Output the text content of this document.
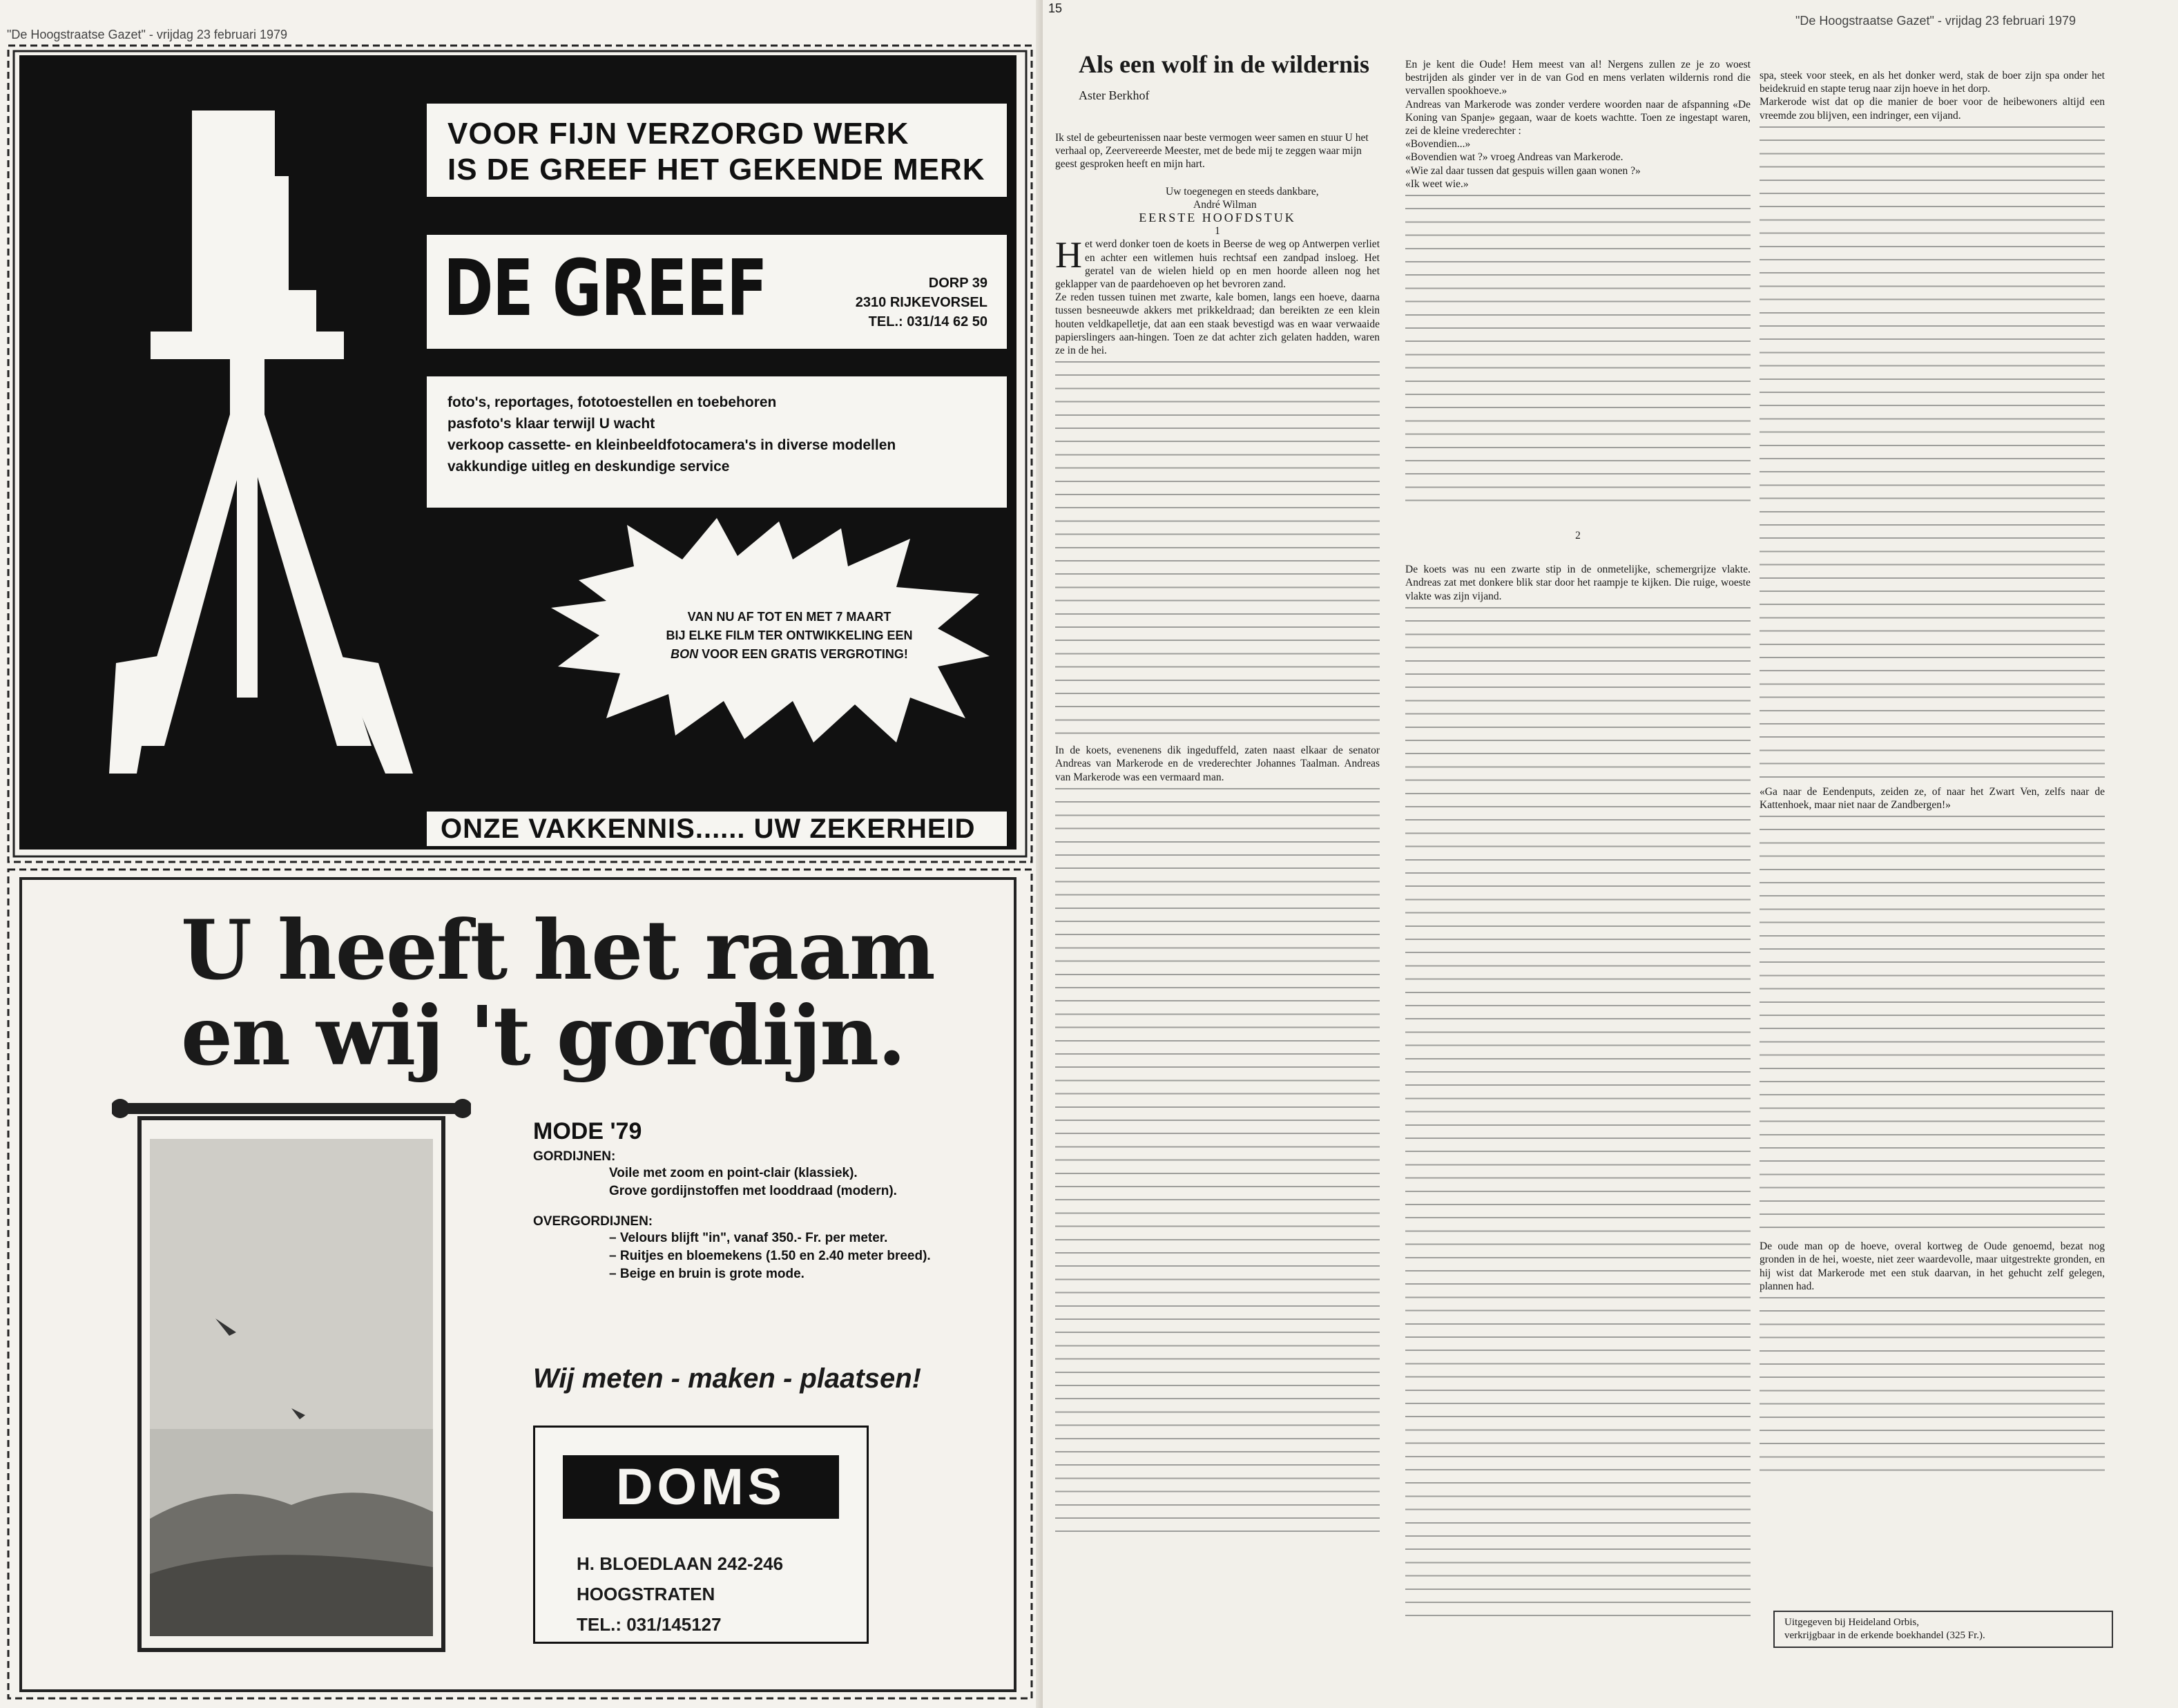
"De Hoogstraatse Gazet" - vrijdag 23 februari 1979
VOOR FIJN VERZORGD WERK
IS DE GREEF HET GEKENDE MERK
DE GREEF	DORP 39
2310 RIJKEVORSEL
TEL.: 031/14 62 50
foto's, reportages, fototoestellen en toebehoren
pasfoto's klaar terwijl U wacht
verkoop cassette- en kleinbeeldfotocamera's in diverse modellen
vakkundige uitleg en deskundige service
VAN NU AF TOT EN MET 7 MAART
BIJ ELKE FILM TER ONTWIKKELING EEN
BON VOOR EEN GRATIS VERGROTING!
ONZE VAKKENNIS...... UW ZEKERHEID
U heeft het raam
en wij 't gordijn.
MODE '79
GORDIJNEN:
Voile met zoom en point-clair (klassiek).
Grove gordijnstoffen met looddraad (modern).
OVERGORDIJNEN:
– Velours blijft "in", vanaf 350.- Fr. per meter.
– Ruitjes en bloemekens (1.50 en 2.40 meter breed).
– Beige en bruin is grote mode.
Wij meten - maken - plaatsen!
DOMS
H. BLOEDLAAN 242-246
HOOGSTRATEN
TEL.: 031/145127
15
"De Hoogstraatse Gazet" - vrijdag 23 februari 1979
Als een wolf in de wildernis
Aster Berkhof

Ik stel de gebeurtenissen naar beste vermogen weer samen en stuur U het verhaal op, Zeervereerde Meester, met de bede mij te zeggen waar mijn geest gesproken heeft en mijn hart.

Uw toegenegen en steeds dankbare,

André Wilman

EERSTE HOOFDSTUK

1

Het werd donker toen de koets in Beerse de weg op Antwerpen verliet en achter een witlemen huis rechtsaf een zandpad insloeg. Het geratel van de wielen hield op en men hoorde alleen nog het geklapper van de paardehoeven op het bevroren zand.

Ze reden tussen tuinen met zwarte, kale bomen, langs een hoeve, daarna tussen besneeuwde akkers met prikkeldraad; dan bereikten ze een klein houten veldkapelletje, dat aan een staak bevestigd was en waar verwaaide papierslingers aan-hingen. Toen ze dat achter zich gelaten hadden, waren ze in de hei.

In de koets, evenenens dik ingeduffeld, zaten naast elkaar de senator Andreas van Markerode en de vrederechter Johannes Taalman. Andreas van Markerode was een vermaard man.

En je kent die Oude! Hem meest van al! Nergens zullen ze je zo woest bestrijden als ginder ver in de van God en mens verlaten wildernis rond die vervallen spookhoeve.»

Andreas van Markerode was zonder verdere woorden naar de afspanning «De Koning van Spanje» gegaan, waar de koets wachtte. Toen ze ingestapt waren, zei de kleine vrederechter :

«Bovendien...»

«Bovendien wat ?» vroeg Andreas van Markerode.

«Wie zal daar tussen dat gespuis willen gaan wonen ?»

«Ik weet wie.»

2

De koets was nu een zwarte stip in de onmetelijke, schemergrijze vlakte. Andreas zat met donkere blik star door het raampje te kijken. Die ruige, woeste vlakte was zijn vijand.

spa, steek voor steek, en als het donker werd, stak de boer zijn spa onder het beidekruid en stapte terug naar zijn hoeve in het dorp.

Markerode wist dat op die manier de boer voor de heibewoners altijd een vreemde zou blijven, een indringer, een vijand.

«Ga naar de Eendenputs, zeiden ze, of naar het Zwart Ven, zelfs naar de Kattenhoek, maar niet naar de Zandbergen!»

De oude man op de hoeve, overal kortweg de Oude genoemd, bezat nog gronden in de hei, woeste, niet zeer waardevolle, maar uitgestrekte gronden, en hij wist dat Markerode met een stuk daarvan, in het gehucht zelf gelegen, plannen had.

Uitgegeven bij Heideland Orbis,
verkrijgbaar in de erkende boekhandel (325 Fr.).
